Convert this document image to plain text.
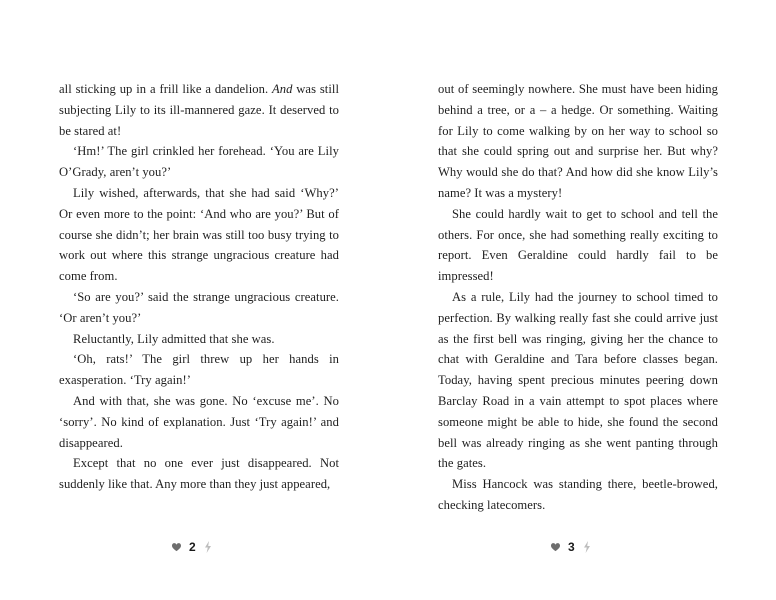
all sticking up in a frill like a dandelion. And was still subjecting Lily to its ill-mannered gaze. It deserved to be stared at!

‘Hm!’ The girl crinkled her forehead. ‘You are Lily O’Grady, aren’t you?’

Lily wished, afterwards, that she had said ‘Why?’ Or even more to the point: ‘And who are you?’ But of course she didn’t; her brain was still too busy trying to work out where this strange ungracious creature had come from.

‘So are you?’ said the strange ungracious creature. ‘Or aren’t you?’

Reluctantly, Lily admitted that she was.

‘Oh, rats!’ The girl threw up her hands in exasperation. ‘Try again!’

And with that, she was gone. No ‘excuse me’. No ‘sorry’. No kind of explanation. Just ‘Try again!’ and disappeared.

Except that no one ever just disappeared. Not suddenly like that. Any more than they just appeared,

out of seemingly nowhere. She must have been hiding behind a tree, or a – a hedge. Or something. Waiting for Lily to come walking by on her way to school so that she could spring out and surprise her. But why? Why would she do that? And how did she know Lily’s name? It was a mystery!

She could hardly wait to get to school and tell the others. For once, she had something really exciting to report. Even Geraldine could hardly fail to be impressed!

As a rule, Lily had the journey to school timed to perfection. By walking really fast she could arrive just as the first bell was ringing, giving her the chance to chat with Geraldine and Tara before classes began. Today, having spent precious minutes peering down Barclay Road in a vain attempt to spot places where someone might be able to hide, she found the second bell was already ringing as she went panting through the gates.

Miss Hancock was standing there, beetle-browed, checking latecomers.

2	3
